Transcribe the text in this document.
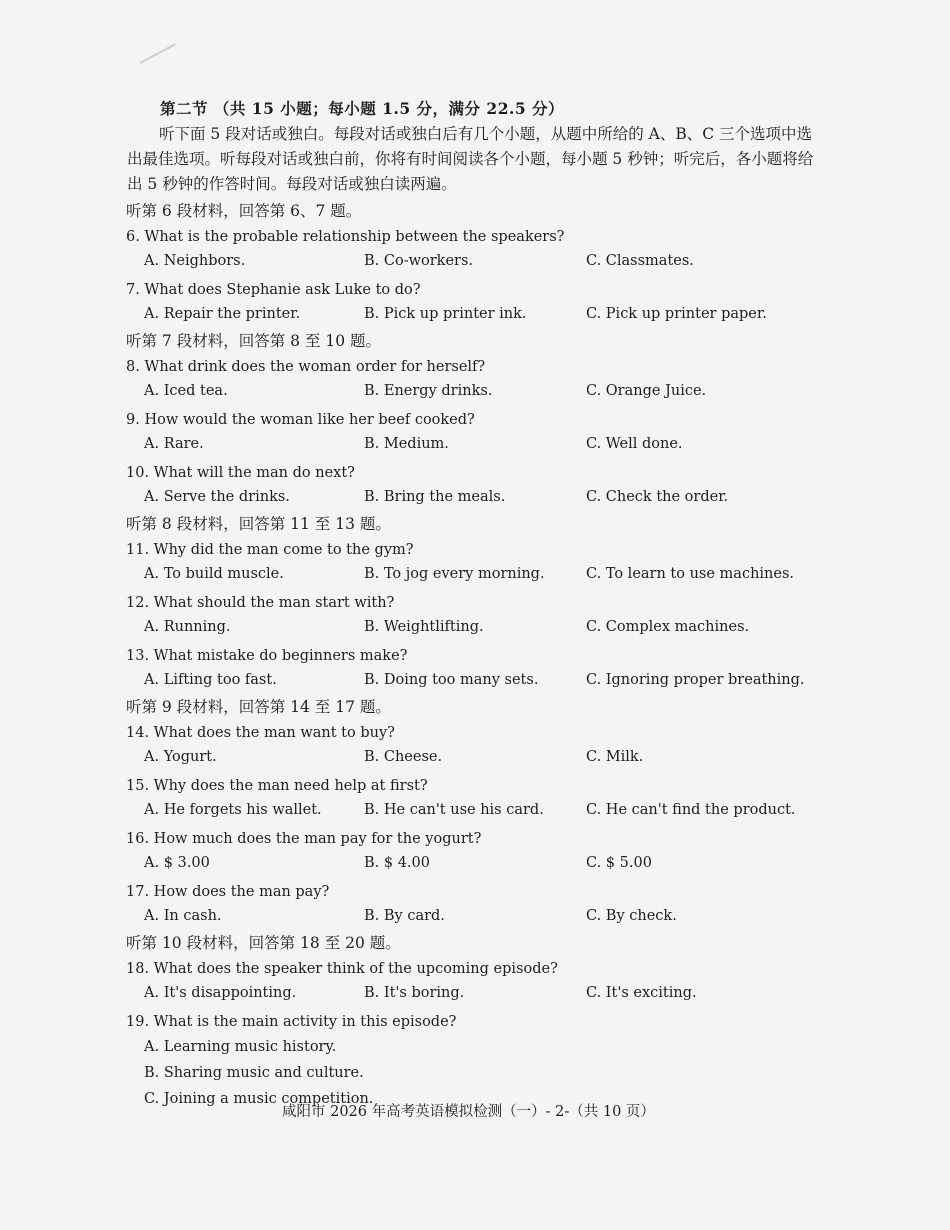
第二节 （共 15 小题；每小题 1.5 分，满分 22.5 分）
听下面 5 段对话或独白。每段对话或独白后有几个小题，从题中所给的 A、B、C 三个选项中选出最佳选项。听每段对话或独白前，你将有时间阅读各个小题，每小题 5 秒钟；听完后，各小题将给出 5 秒钟的作答时间。每段对话或独白读两遍。
听第 6 段材料，回答第 6、7 题。
6. What is the probable relationship between the speakers?
A. Neighbors.	B. Co-workers.	C. Classmates.
7. What does Stephanie ask Luke to do?
A. Repair the printer.	B. Pick up printer ink.	C. Pick up printer paper.
听第 7 段材料，回答第 8 至 10 题。
8. What drink does the woman order for herself?
A. Iced tea.	B. Energy drinks.	C. Orange Juice.
9. How would the woman like her beef cooked?
A. Rare.	B. Medium.	C. Well done.
10. What will the man do next?
A. Serve the drinks.	B. Bring the meals.	C. Check the order.
听第 8 段材料，回答第 11 至 13 题。
11. Why did the man come to the gym?
A. To build muscle.	B. To jog every morning.	C. To learn to use machines.
12. What should the man start with?
A. Running.	B. Weightlifting.	C. Complex machines.
13. What mistake do beginners make?
A. Lifting too fast.	B. Doing too many sets.	C. Ignoring proper breathing.
听第 9 段材料，回答第 14 至 17 题。
14. What does the man want to buy?
A. Yogurt.	B. Cheese.	C. Milk.
15. Why does the man need help at first?
A. He forgets his wallet.	B. He can't use his card.	C. He can't find the product.
16. How much does the man pay for the yogurt?
A. $ 3.00	B. $ 4.00	C. $ 5.00
17. How does the man pay?
A. In cash.	B. By card.	C. By check.
听第 10 段材料，回答第 18 至 20 题。
18. What does the speaker think of the upcoming episode?
A. It's disappointing.	B. It's boring.	C. It's exciting.
19. What is the main activity in this episode?
A. Learning music history.
B. Sharing music and culture.
C. Joining a music competition.
咸阳市 2026 年高考英语模拟检测（一）- 2-（共 10 页）
